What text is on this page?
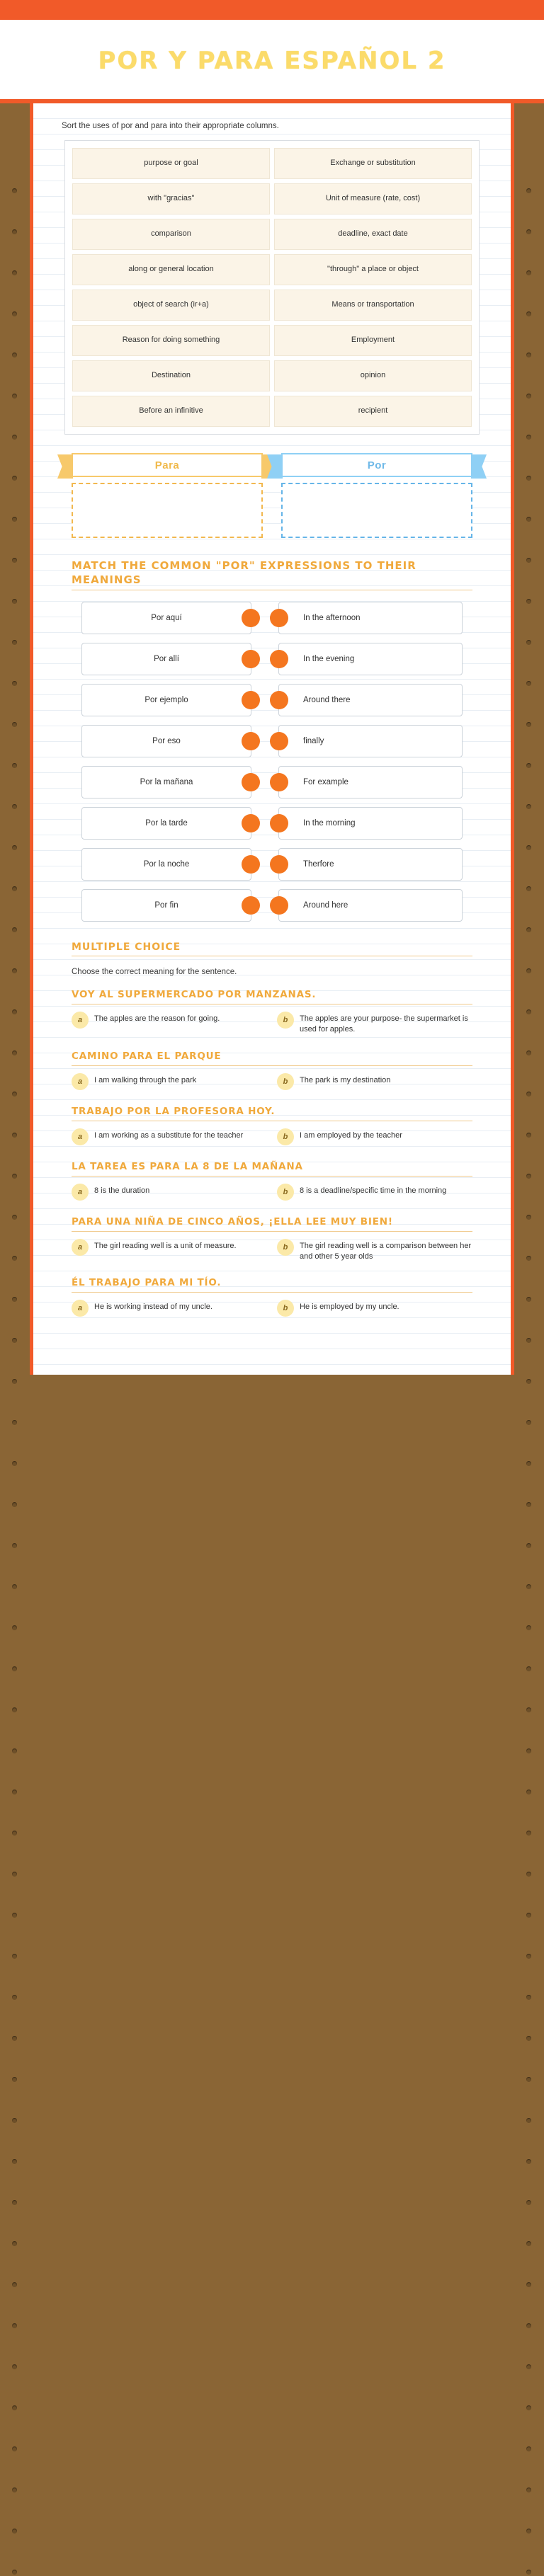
POR Y PARA ESPAÑOL 2
Sort the uses of por and para into their appropriate columns.
purpose or goal	Exchange or substitution
with "gracias"	Unit of measure (rate, cost)
comparison	deadline, exact date
along or general location	"through" a place or object
object of search (ir+a)	Means or transportation
Reason for doing something	Employment
Destination	opinion
Before an infinitive	recipient
Para	Por
MATCH THE COMMON "POR" EXPRESSIONS TO THEIR MEANINGS
Por aquí	In the afternoon
Por allí	In the evening
Por ejemplo	Around there
Por eso	finally
Por la mañana	For example
Por la tarde	In the morning
Por la noche	Therfore
Por fin	Around here
MULTIPLE CHOICE
Choose the correct meaning for the sentence.
VOY AL SUPERMERCADO POR MANZANAS.
a	The apples are the reason for going.	b	The apples are your purpose- the supermarket is used for apples.
CAMINO PARA EL PARQUE
a	I am walking through the park	b	The park is my destination
TRABAJO POR LA PROFESORA HOY.
a	I am working as a substitute for the teacher	b	I am employed by the teacher
LA TAREA ES PARA LA 8 DE LA MAÑANA
a	8 is the duration	b	8 is a deadline/specific time in the morning
PARA UNA NIÑA DE CINCO AÑOS, ¡ELLA LEE MUY BIEN!
a	The girl reading well is a unit of measure.	b	The girl reading well is a comparison between her and other 5 year olds
ÉL TRABAJO PARA MI TÍO.
a	He is working instead of my uncle.	b	He is employed by my uncle.
